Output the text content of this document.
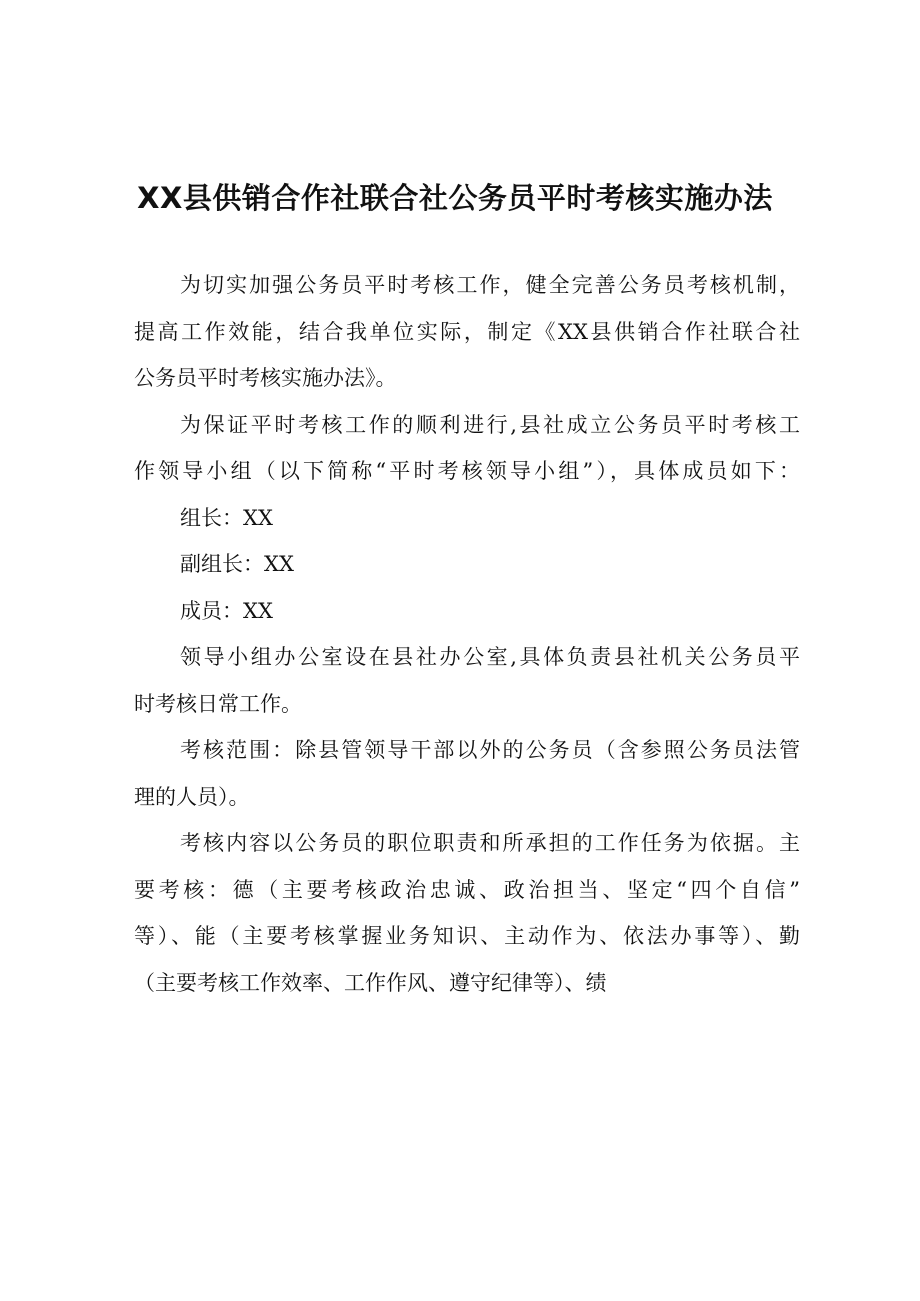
XX县供销合作社联合社公务员平时考核实施办法
为切实加强公务员平时考核工作，健全完善公务员考核机制，
提高工作效能，结合我单位实际，制定《XX县供销合作社联合社
公务员平时考核实施办法》。
为保证平时考核工作的顺利进行,县社成立公务员平时考核工
作领导小组（以下简称“平时考核领导小组”），具体成员如下：
组长：XX
副组长：XX
成员：XX
领导小组办公室设在县社办公室,具体负责县社机关公务员平
时考核日常工作。
考核范围：除县管领导干部以外的公务员（含参照公务员法管
理的人员）。
考核内容以公务员的职位职责和所承担的工作任务为依据。主
要考核：德（主要考核政治忠诚、政治担当、坚定“四个自信”
等）、能（主要考核掌握业务知识、主动作为、依法办事等）、勤
（主要考核工作效率、工作作风、遵守纪律等）、绩
